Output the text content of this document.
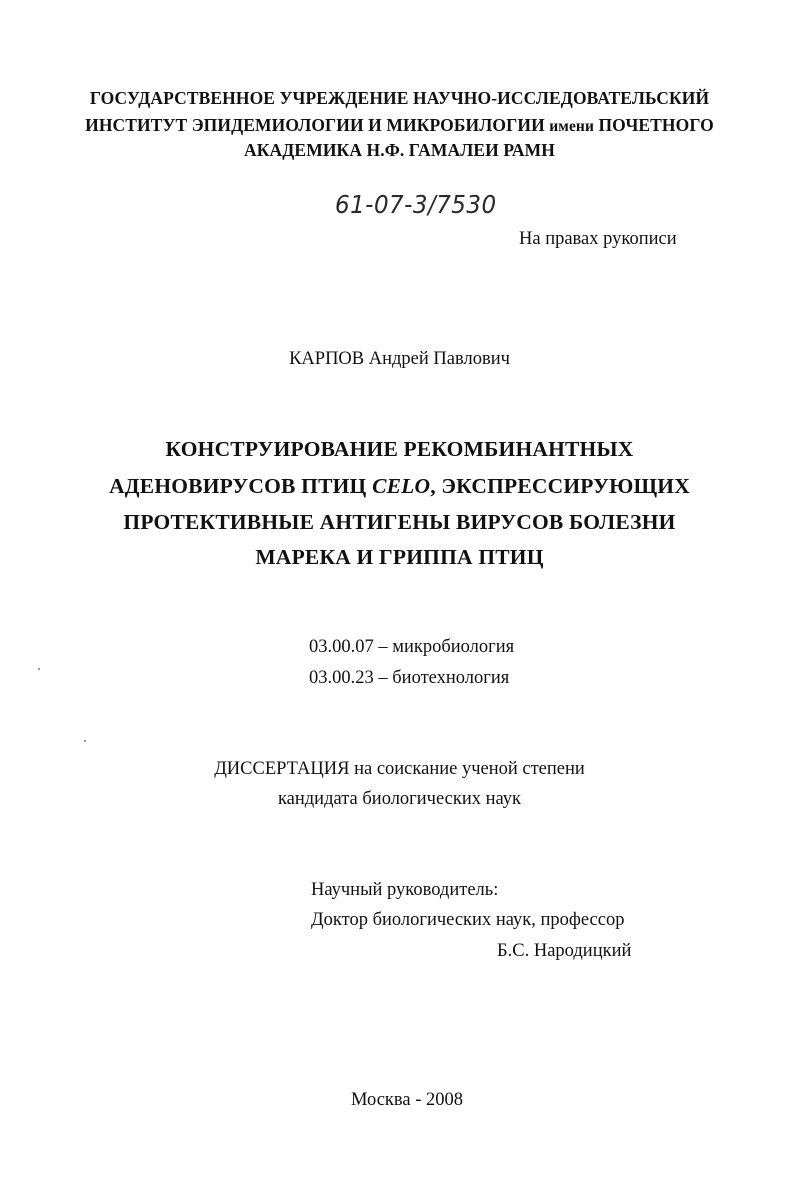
ГОСУДАРСТВЕННОЕ УЧРЕЖДЕНИЕ НАУЧНО-ИССЛЕДОВАТЕЛЬСКИЙ
ИНСТИТУТ ЭПИДЕМИОЛОГИИ И МИКРОБИЛОГИИ имени ПОЧЕТНОГО
АКАДЕМИКА Н.Ф. ГАМАЛЕИ РАМН
61-07-3/7530
На правах рукописи
КАРПОВ Андрей Павлович
КОНСТРУИРОВАНИЕ РЕКОМБИНАНТНЫХ
АДЕНОВИРУСОВ ПТИЦ CELO, ЭКСПРЕССИРУЮЩИХ
ПРОТЕКТИВНЫЕ АНТИГЕНЫ ВИРУСОВ БОЛЕЗНИ
МАРЕКА И ГРИППА ПТИЦ
03.00.07 – микробиология
03.00.23 – биотехнология
ДИССЕРТАЦИЯ на соискание ученой степени
кандидата биологических наук
Научный руководитель:
Доктор биологических наук, профессор
Б.С. Народицкий
Москва - 2008
